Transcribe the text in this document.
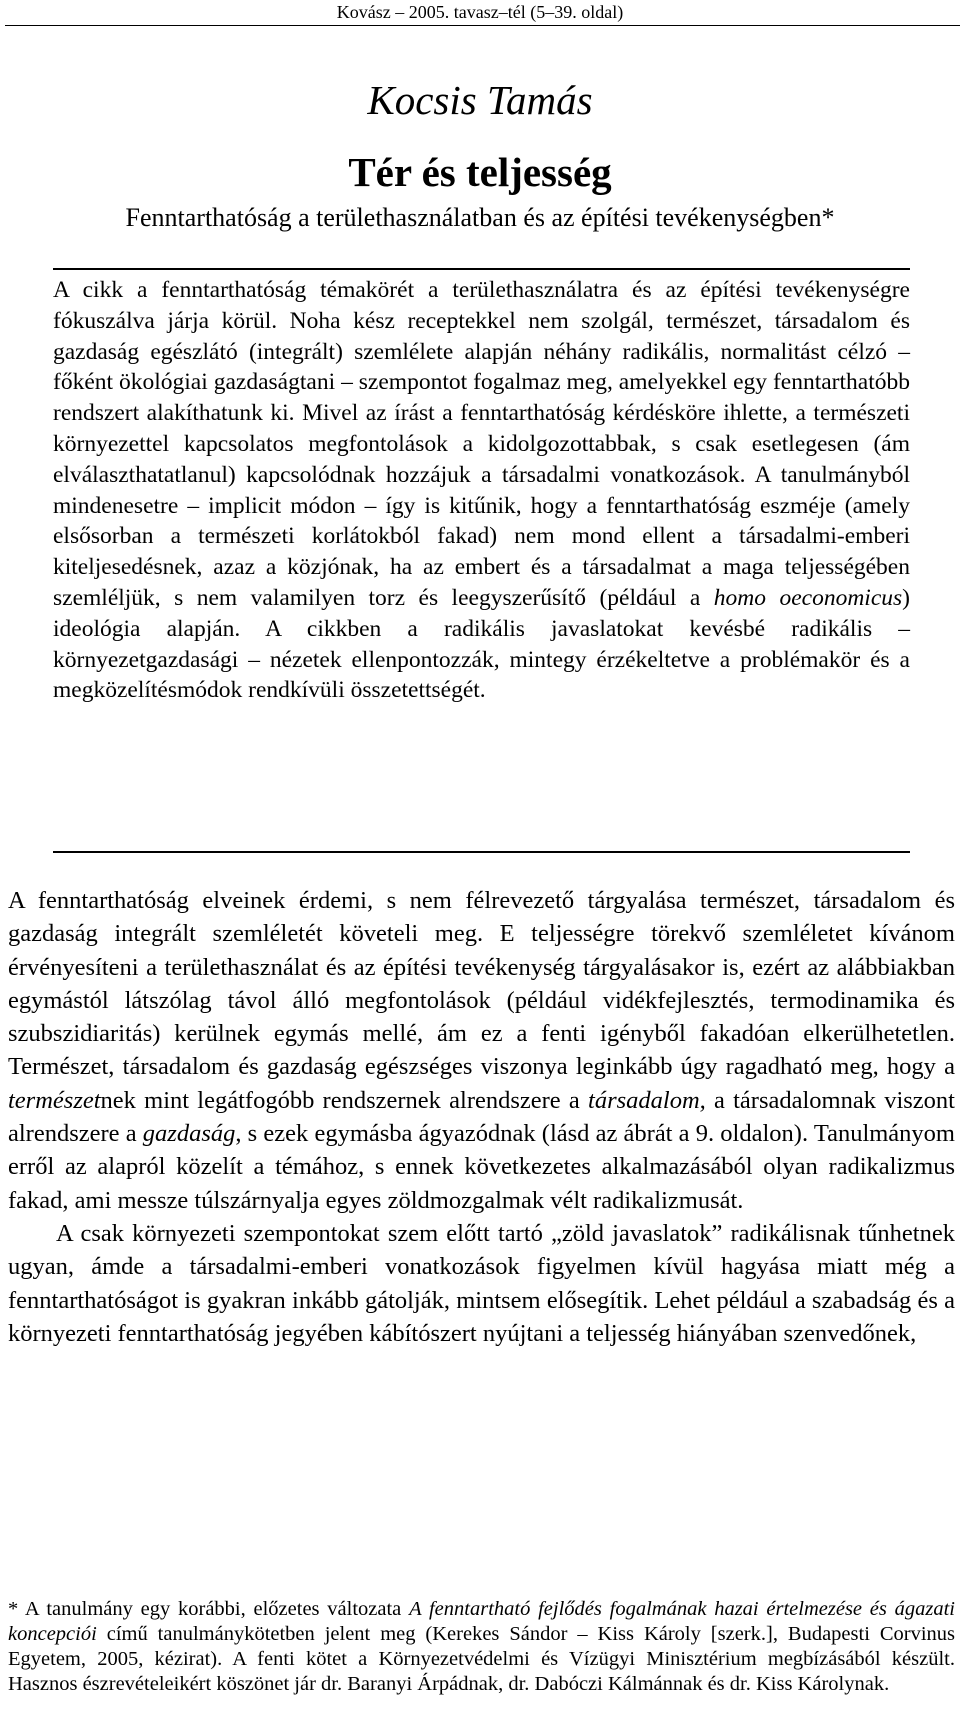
Kovász – 2005. tavasz–tél (5–39. oldal)
Kocsis Tamás
Tér és teljesség
Fenntarthatóság a területhasználatban és az építési tevékenységben*
A cikk a fenntarthatóság témakörét a területhasználatra és az építési tevékenységre fókuszálva járja körül. Noha kész receptekkel nem szolgál, természet, társadalom és gazdaság egészlátó (integrált) szemlélete alapján néhány radikális, normalitást célzó – főként ökológiai gazdaságtani – szempontot fogalmaz meg, amelyekkel egy fenntarthatóbb rendszert alakíthatunk ki. Mivel az írást a fenntarthatóság kérdésköre ihlette, a természeti környezettel kapcsolatos megfontolások a kidolgozottabbak, s csak esetlegesen (ám elválaszthatatlanul) kapcsolódnak hozzájuk a társadalmi vonatkozások. A tanulmányból mindenesetre – implicit módon – így is kitűnik, hogy a fenntarthatóság eszméje (amely elsősorban a természeti korlátokból fakad) nem mond ellent a társadalmi-emberi kiteljesedésnek, azaz a közjónak, ha az embert és a társadalmat a maga teljességében szemléljük, s nem valamilyen torz és leegyszerűsítő (például a homo oeconomicus) ideológia alapján. A cikkben a radikális javaslatokat kevésbé radikális – környezetgazdasági – nézetek ellenpontozzák, mintegy érzékeltetve a problémakör és a megközelítésmódok rendkívüli összetettségét.

A fenntarthatóság elveinek érdemi, s nem félrevezető tárgyalása természet, társadalom és gazdaság integrált szemléletét követeli meg. E teljességre törekvő szemléletet kívánom érvényesíteni a területhasználat és az építési tevékenység tárgyalásakor is, ezért az alábbiakban egymástól látszólag távol álló megfontolások (például vidékfejlesztés, termodinamika és szubszidiaritás) kerülnek egymás mellé, ám ez a fenti igényből fakadóan elkerülhetetlen. Természet, társadalom és gazdaság egészséges viszonya leginkább úgy ragadható meg, hogy a természetnek mint legátfogóbb rendszernek alrendszere a társadalom, a társadalomnak viszont alrendszere a gazdaság, s ezek egymásba ágyazódnak (lásd az ábrát a 9. oldalon). Tanulmányom erről az alapról közelít a témához, s ennek következetes alkalmazásából olyan radikalizmus fakad, ami messze túlszárnyalja egyes zöldmozgalmak vélt radikalizmusát.

A csak környezeti szempontokat szem előtt tartó „zöld javaslatok” radikálisnak tűnhetnek ugyan, ámde a társadalmi-emberi vonatkozások figyelmen kívül hagyása miatt még a fenntarthatóságot is gyakran inkább gátolják, mintsem elősegítik. Lehet például a szabadság és a környezeti fenntarthatóság jegyében kábítószert nyújtani a teljesség hiányában szenvedőnek,

* A tanulmány egy korábbi, előzetes változata A fenntartható fejlődés fogalmának hazai értelmezése és ágazati koncepciói című tanulmánykötetben jelent meg (Kerekes Sándor – Kiss Károly [szerk.], Budapesti Corvinus Egyetem, 2005, kézirat). A fenti kötet a Környezetvédelmi és Vízügyi Minisztérium megbízásából készült. Hasznos észrevételeikért köszönet jár dr. Baranyi Árpádnak, dr. Dabóczi Kálmánnak és dr. Kiss Károlynak.
